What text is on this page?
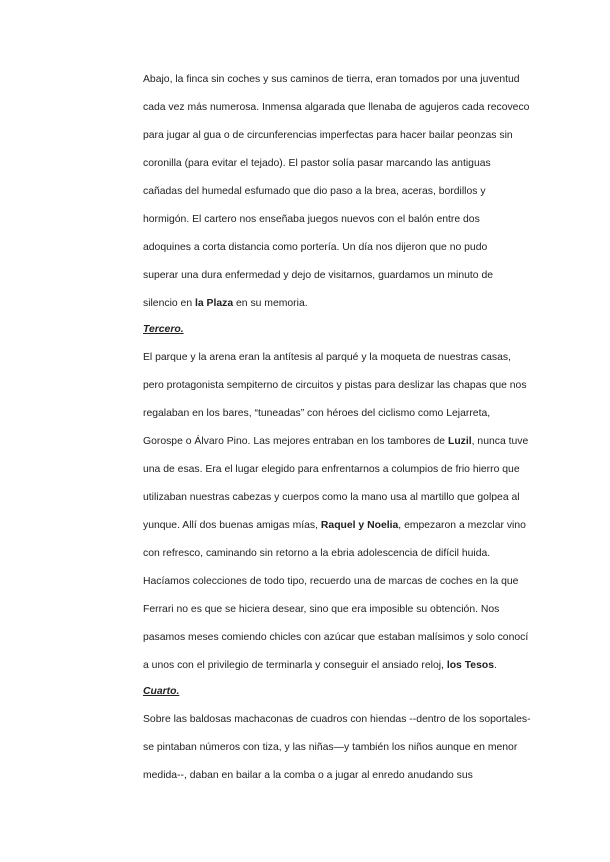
Abajo, la finca sin coches y sus caminos de tierra, eran tomados por una juventud
cada vez más numerosa. Inmensa algarada que llenaba de agujeros cada recoveco
para jugar al gua o de circunferencias imperfectas para hacer bailar peonzas sin
coronilla (para evitar el tejado). El pastor solía pasar marcando las antiguas
cañadas del humedal esfumado que dio paso a la brea, aceras, bordillos y
hormigón. El cartero nos enseñaba juegos nuevos con el balón entre dos
adoquines a corta distancia como portería. Un día nos dijeron que no pudo
superar una dura enfermedad y dejo de visitarnos, guardamos un minuto de
silencio en la Plaza en su memoria.
Tercero.
El parque y la arena eran la antítesis al parqué y la moqueta de nuestras casas,
pero protagonista sempiterno de circuitos y pistas para deslizar las chapas que nos
regalaban en los bares, “tuneadas” con héroes del ciclismo como Lejarreta,
Gorospe o Álvaro Pino. Las mejores entraban en los tambores de Luzil, nunca tuve
una de esas. Era el lugar elegido para enfrentarnos a columpios de frio hierro que
utilizaban nuestras cabezas y cuerpos como la mano usa al martillo que golpea al
yunque. Allí dos buenas amigas mías, Raquel y Noelia, empezaron a mezclar vino
con refresco, caminando sin retorno a la ebria adolescencia de difícil huida.
Hacíamos colecciones de todo tipo, recuerdo una de marcas de coches en la que
Ferrari no es que se hiciera desear, sino que era imposible su obtención. Nos
pasamos meses comiendo chicles con azúcar que estaban malísimos y solo conocí
a unos con el privilegio de terminarla y conseguir el ansiado reloj, los Tesos.
Cuarto.
Sobre las baldosas machaconas de cuadros con hiendas --dentro de los soportales-
se pintaban números con tiza, y las niñas—y también los niños aunque en menor
medida--, daban en bailar a la comba o a jugar al enredo anudando sus
